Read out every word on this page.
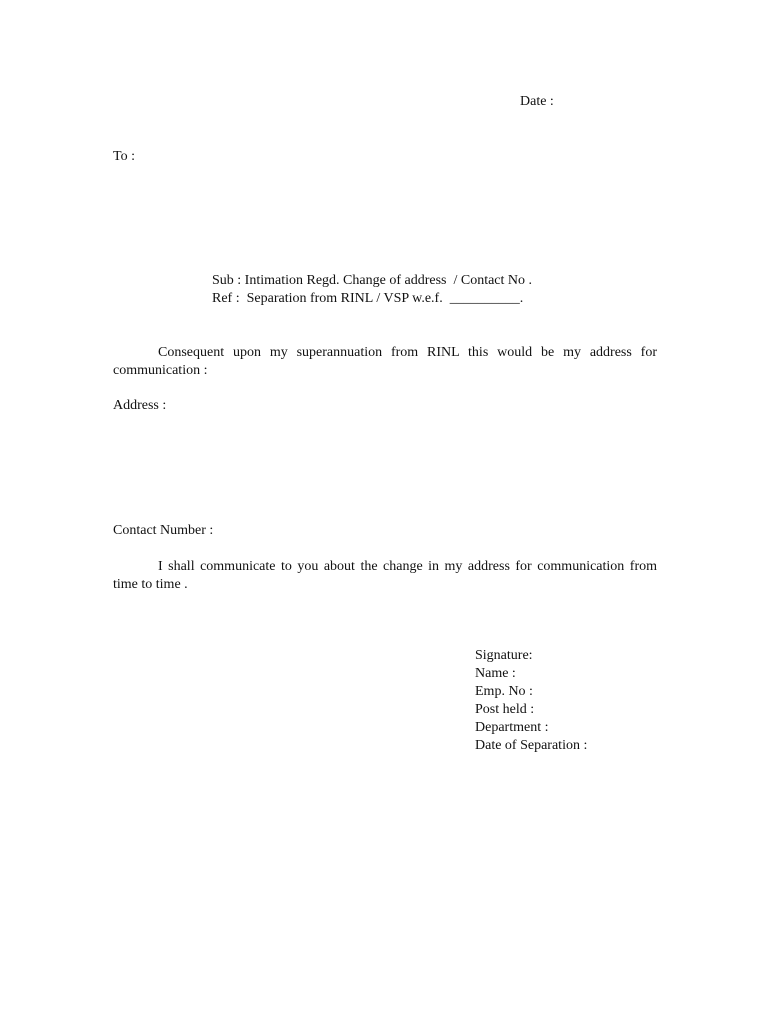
Date :
To :
Sub : Intimation Regd. Change of address  / Contact No .
Ref :  Separation from RINL / VSP w.e.f.  __________.
Consequent upon my superannuation from RINL this would be my address for communication :
Address :
Contact Number :
I shall communicate to you about the change in my address for communication from time to time .
Signature:
Name :
Emp. No :
Post held :
Department :
Date of Separation :
